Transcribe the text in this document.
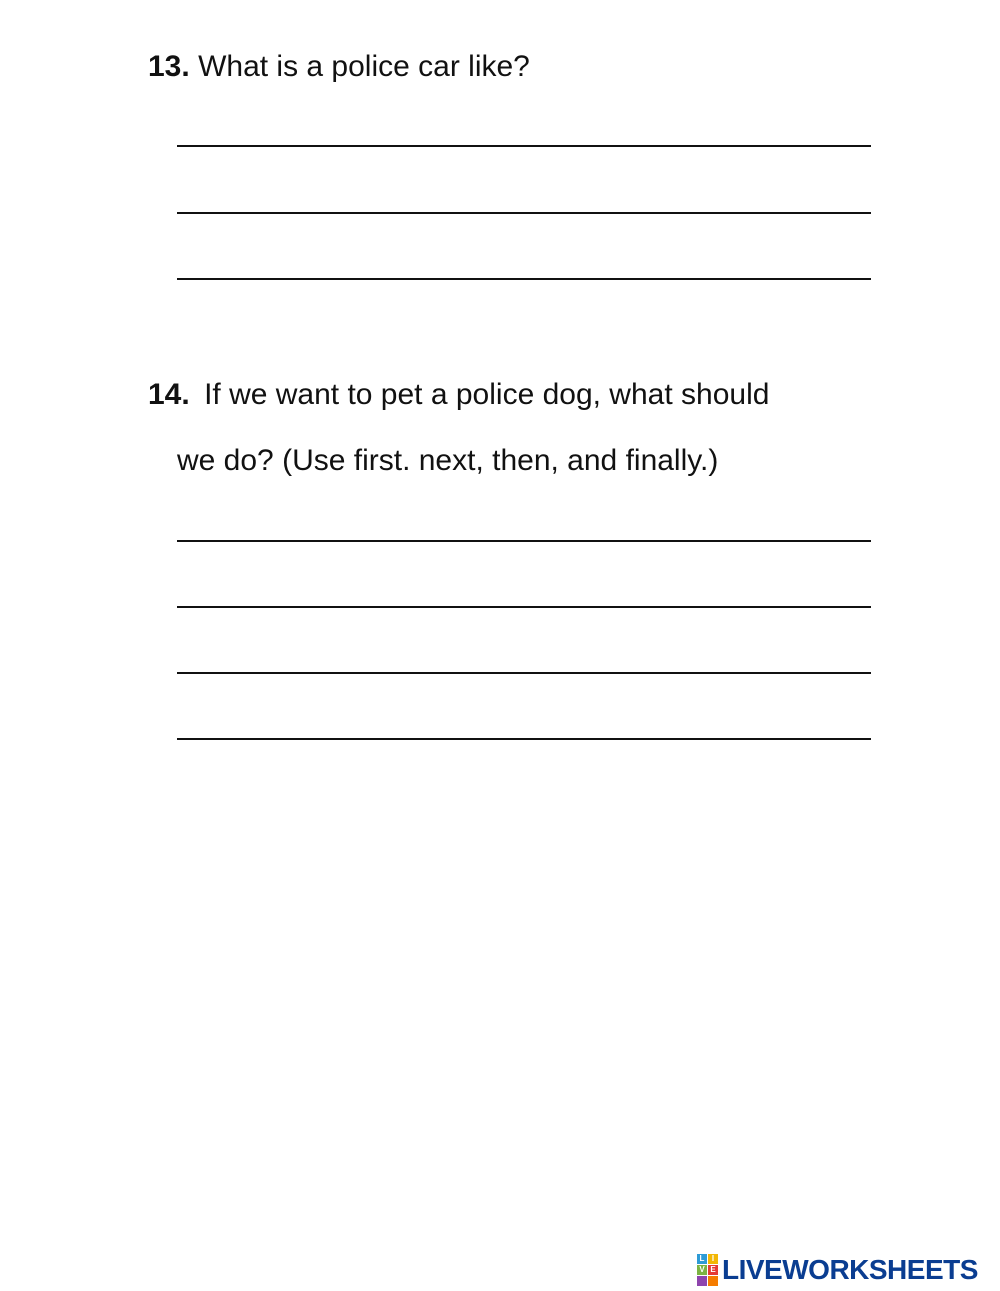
13. What is a police car like?
14. If we want to pet a police dog, what should
we do? (Use first. next, then, and finally.)
L I
V E LIVEWORKSHEETS
